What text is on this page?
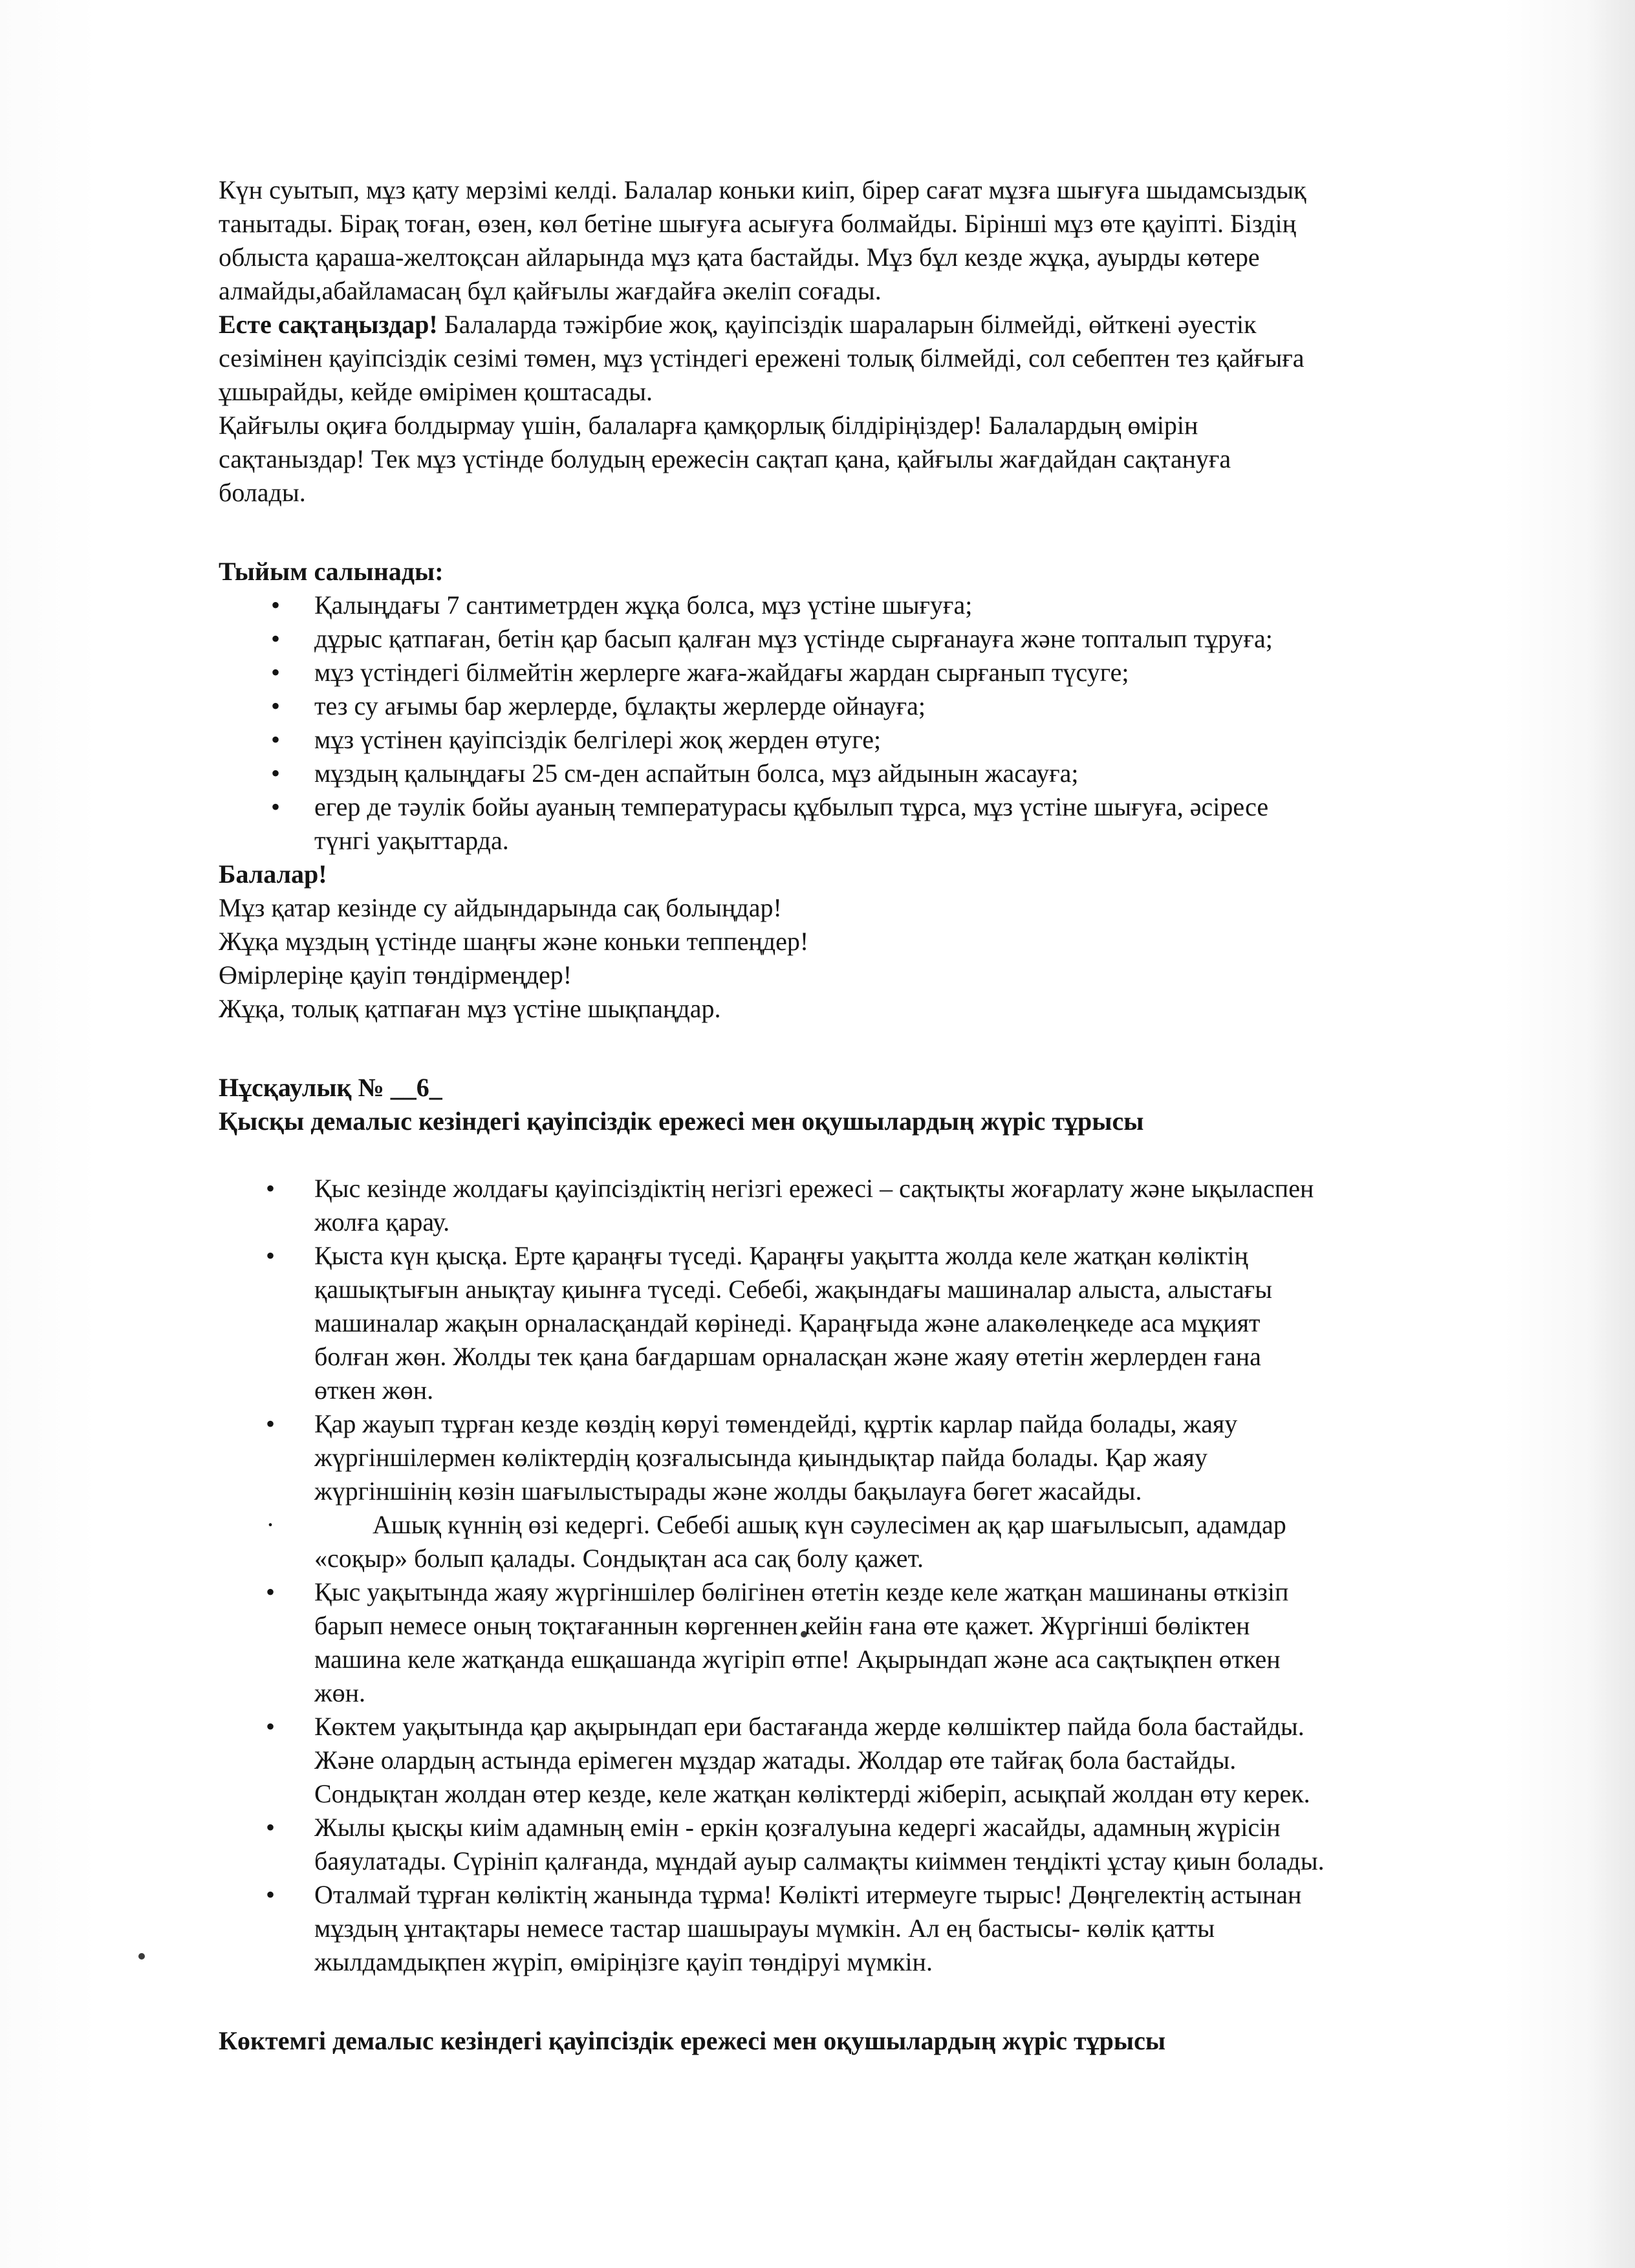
Күн суытып, мұз қату мерзімі келді. Балалар коньки киіп, бірер сағат мұзға шығуға шыдамсыздық

танытады. Бірақ тоған, өзен, көл бетіне шығуға асығуға болмайды. Бірінші мұз өте қауіпті. Біздің

облыста қараша-желтоқсан айларында мұз қата бастайды. Мұз бұл кезде жұқа, ауырды көтере

алмайды,абайламасаң бұл қайғылы жағдайға әкеліп соғады.

Есте сақтаңыздар! Балаларда тәжірбие жоқ, қауіпсіздік шараларын білмейді, өйткені әуестік

сезімінен қауіпсіздік сезімі төмен, мұз үстіндегі ережені толық білмейді, сол себептен тез қайғыға

ұшырайды, кейде өмірімен қоштасады.

Қайғылы оқиға болдырмау үшін, балаларға қамқорлық білдіріңіздер! Балалардың өмірін

сақтаныздар! Тек мұз үстінде болудың ережесін сақтап қана, қайғылы жағдайдан сақтануға

болады.

Тыйым салынады:

• Қалыңдағы 7 сантиметрден жұқа болса, мұз үстіне шығуға;
• дұрыс қатпаған, бетін қар басып қалған мұз үстінде сырғанауға және топталып тұруға;
• мұз үстіндегі білмейтін жерлерге жаға-жайдағы жардан сырғанып түсуге;
• тез су ағымы бар жерлерде, бұлақты жерлерде ойнауға;
• мұз үстінен қауіпсіздік белгілері жоқ жерден өтуге;
• мұздың қалыңдағы 25 см-ден аспайтын болса, мұз айдынын жасауға;
• егер де тәулік бойы ауаның температурасы құбылып тұрса, мұз үстіне шығуға, әсіресе
түнгі уақыттарда.

Балалар!

Мұз қатар кезінде су айдындарында сақ болыңдар!

Жұқа мұздың үстінде шаңғы және коньки теппеңдер!

Өмірлеріңе қауіп төндірмеңдер!

Жұқа, толық қатпаған мұз үстіне шықпаңдар.

Нұсқаулық № __6_

Қысқы демалыс кезіндегі қауіпсіздік ережесі мен оқушылардың жүріс тұрысы

• Қыс кезінде жолдағы қауіпсіздіктің негізгі ережесі – сақтықты жоғарлату және ықыласпен
жолға қарау.
• Қыста күн қысқа. Ерте қараңғы түседі. Қараңғы уақытта жолда келе жатқан көліктің
қашықтығын анықтау қиынға түседі. Себебі, жақындағы машиналар алыста, алыстағы
машиналар жақын орналасқандай көрінеді. Қараңғыда және алакөлеңкеде аса мұқият
болған жөн. Жолды тек қана бағдаршам орналасқан және жаяу өтетін жерлерден ғана
өткен жөн.
• Қар жауып тұрған кезде көздің көруі төмендейді, құртік карлар пайда болады, жаяу
жүргіншілермен көліктердің қозғалысында қиындықтар пайда болады. Қар жаяу
жүргіншінің көзін шағылыстырады және жолды бақылауға бөгет жасайды.
·	Ашық күннің өзі кедергі. Себебі ашық күн сәулесімен ақ қар шағылысып, адамдар
«соқыр» болып қалады. Сондықтан аса сақ болу қажет.
• Қыс уақытында жаяу жүргіншілер бөлігінен өтетін кезде келе жатқан машинаны өткізіп
барып немесе оның тоқтағаннын көргеннен кейін ғана өте қажет. Жүргінші бөліктен
машина келе жатқанда ешқашанда жүгіріп өтпе! Ақырындап және аса сақтықпен өткен
жөн.
• Көктем уақытында қар ақырындап ери бастағанда жерде көлшіктер пайда бола бастайды.
Және олардың астында ерімеген мұздар жатады. Жолдар өте тайғақ бола бастайды.
Сондықтан жолдан өтер кезде, келе жатқан көліктерді жіберіп, асықпай жолдан өту керек.
• Жылы қысқы киім адамның емін - еркін қозғалуына кедергі жасайды, адамның жүрісін
баяулатады. Сүрініп қалғанда, мұндай ауыр салмақты киіммен теңдікті ұстау қиын болады.
• Оталмай тұрған көліктің жанында тұрма! Көлікті итермеуге тырыс! Дөңгелектің астынан
мұздың ұнтақтары немесе тастар шашырауы мүмкін. Ал ең бастысы- көлік қатты
жылдамдықпен жүріп, өміріңізге қауіп төндіруі мүмкін.

Көктемгі демалыс кезіндегі қауіпсіздік ережесі мен оқушылардың жүріс тұрысы
